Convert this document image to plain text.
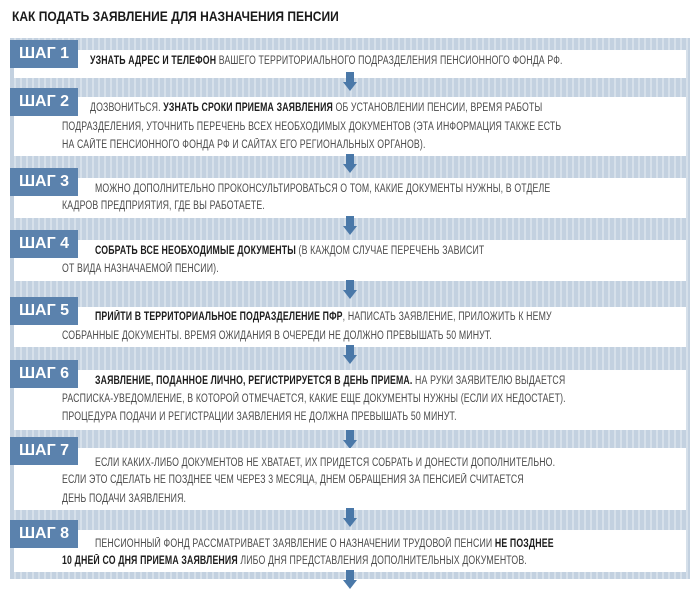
КАК ПОДАТЬ ЗАЯВЛЕНИЕ ДЛЯ НАЗНАЧЕНИЯ ПЕНСИИ
ШАГ 1	УЗНАТЬ АДРЕС И ТЕЛЕФОН ВАШЕГО ТЕРРИТОРИАЛЬНОГО ПОДРАЗДЕЛЕНИЯ ПЕНСИОННОГО ФОНДА РФ.
ШАГ 2	ДОЗВОНИТЬСЯ. УЗНАТЬ СРОКИ ПРИЕМА ЗАЯВЛЕНИЯ ОБ УСТАНОВЛЕНИИ ПЕНСИИ, ВРЕМЯ РАБОТЫ
ПОДРАЗДЕЛЕНИЯ, УТОЧНИТЬ ПЕРЕЧЕНЬ ВСЕХ НЕОБХОДИМЫХ ДОКУМЕНТОВ (ЭТА ИНФОРМАЦИЯ ТАКЖЕ ЕСТЬ
НА САЙТЕ ПЕНСИОННОГО ФОНДА РФ И САЙТАХ ЕГО РЕГИОНАЛЬНЫХ ОРГАНОВ).
ШАГ 3	МОЖНО ДОПОЛНИТЕЛЬНО ПРОКОНСУЛЬТИРОВАТЬСЯ О ТОМ, КАКИЕ ДОКУМЕНТЫ НУЖНЫ, В ОТДЕЛЕ
КАДРОВ ПРЕДПРИЯТИЯ, ГДЕ ВЫ РАБОТАЕТЕ.
ШАГ 4	СОБРАТЬ ВСЕ НЕОБХОДИМЫЕ ДОКУМЕНТЫ (В КАЖДОМ СЛУЧАЕ ПЕРЕЧЕНЬ ЗАВИСИТ
ОТ ВИДА НАЗНАЧАЕМОЙ ПЕНСИИ).
ШАГ 5	ПРИЙТИ В ТЕРРИТОРИАЛЬНОЕ ПОДРАЗДЕЛЕНИЕ ПФР, НАПИСАТЬ ЗАЯВЛЕНИЕ, ПРИЛОЖИТЬ К НЕМУ
СОБРАННЫЕ ДОКУМЕНТЫ. ВРЕМЯ ОЖИДАНИЯ В ОЧЕРЕДИ НЕ ДОЛЖНО ПРЕВЫШАТЬ 50 МИНУТ.
ШАГ 6	ЗАЯВЛЕНИЕ, ПОДАННОЕ ЛИЧНО, РЕГИСТРИРУЕТСЯ В ДЕНЬ ПРИЕМА. НА РУКИ ЗАЯВИТЕЛЮ ВЫДАЕТСЯ
РАСПИСКА-УВЕДОМЛЕНИЕ, В КОТОРОЙ ОТМЕЧАЕТСЯ, КАКИЕ ЕЩЕ ДОКУМЕНТЫ НУЖНЫ (ЕСЛИ ИХ НЕДОСТАЕТ).
ПРОЦЕДУРА ПОДАЧИ И РЕГИСТРАЦИИ ЗАЯВЛЕНИЯ НЕ ДОЛЖНА ПРЕВЫШАТЬ 50 МИНУТ.
ШАГ 7
ЕСЛИ КАКИХ-ЛИБО ДОКУМЕНТОВ НЕ ХВАТАЕТ, ИХ ПРИДЕТСЯ СОБРАТЬ И ДОНЕСТИ ДОПОЛНИТЕЛЬНО.
ЕСЛИ ЭТО СДЕЛАТЬ НЕ ПОЗДНЕЕ ЧЕМ ЧЕРЕЗ 3 МЕСЯЦА, ДНЕМ ОБРАЩЕНИЯ ЗА ПЕНСИЕЙ СЧИТАЕТСЯ
ДЕНЬ ПОДАЧИ ЗАЯВЛЕНИЯ.
ШАГ 8
ПЕНСИОННЫЙ ФОНД РАССМАТРИВАЕТ ЗАЯВЛЕНИЕ О НАЗНАЧЕНИИ ТРУДОВОЙ ПЕНСИИ НЕ ПОЗДНЕЕ
10 ДНЕЙ СО ДНЯ ПРИЕМА ЗАЯВЛЕНИЯ ЛИБО ДНЯ ПРЕДСТАВЛЕНИЯ ДОПОЛНИТЕЛЬНЫХ ДОКУМЕНТОВ.
